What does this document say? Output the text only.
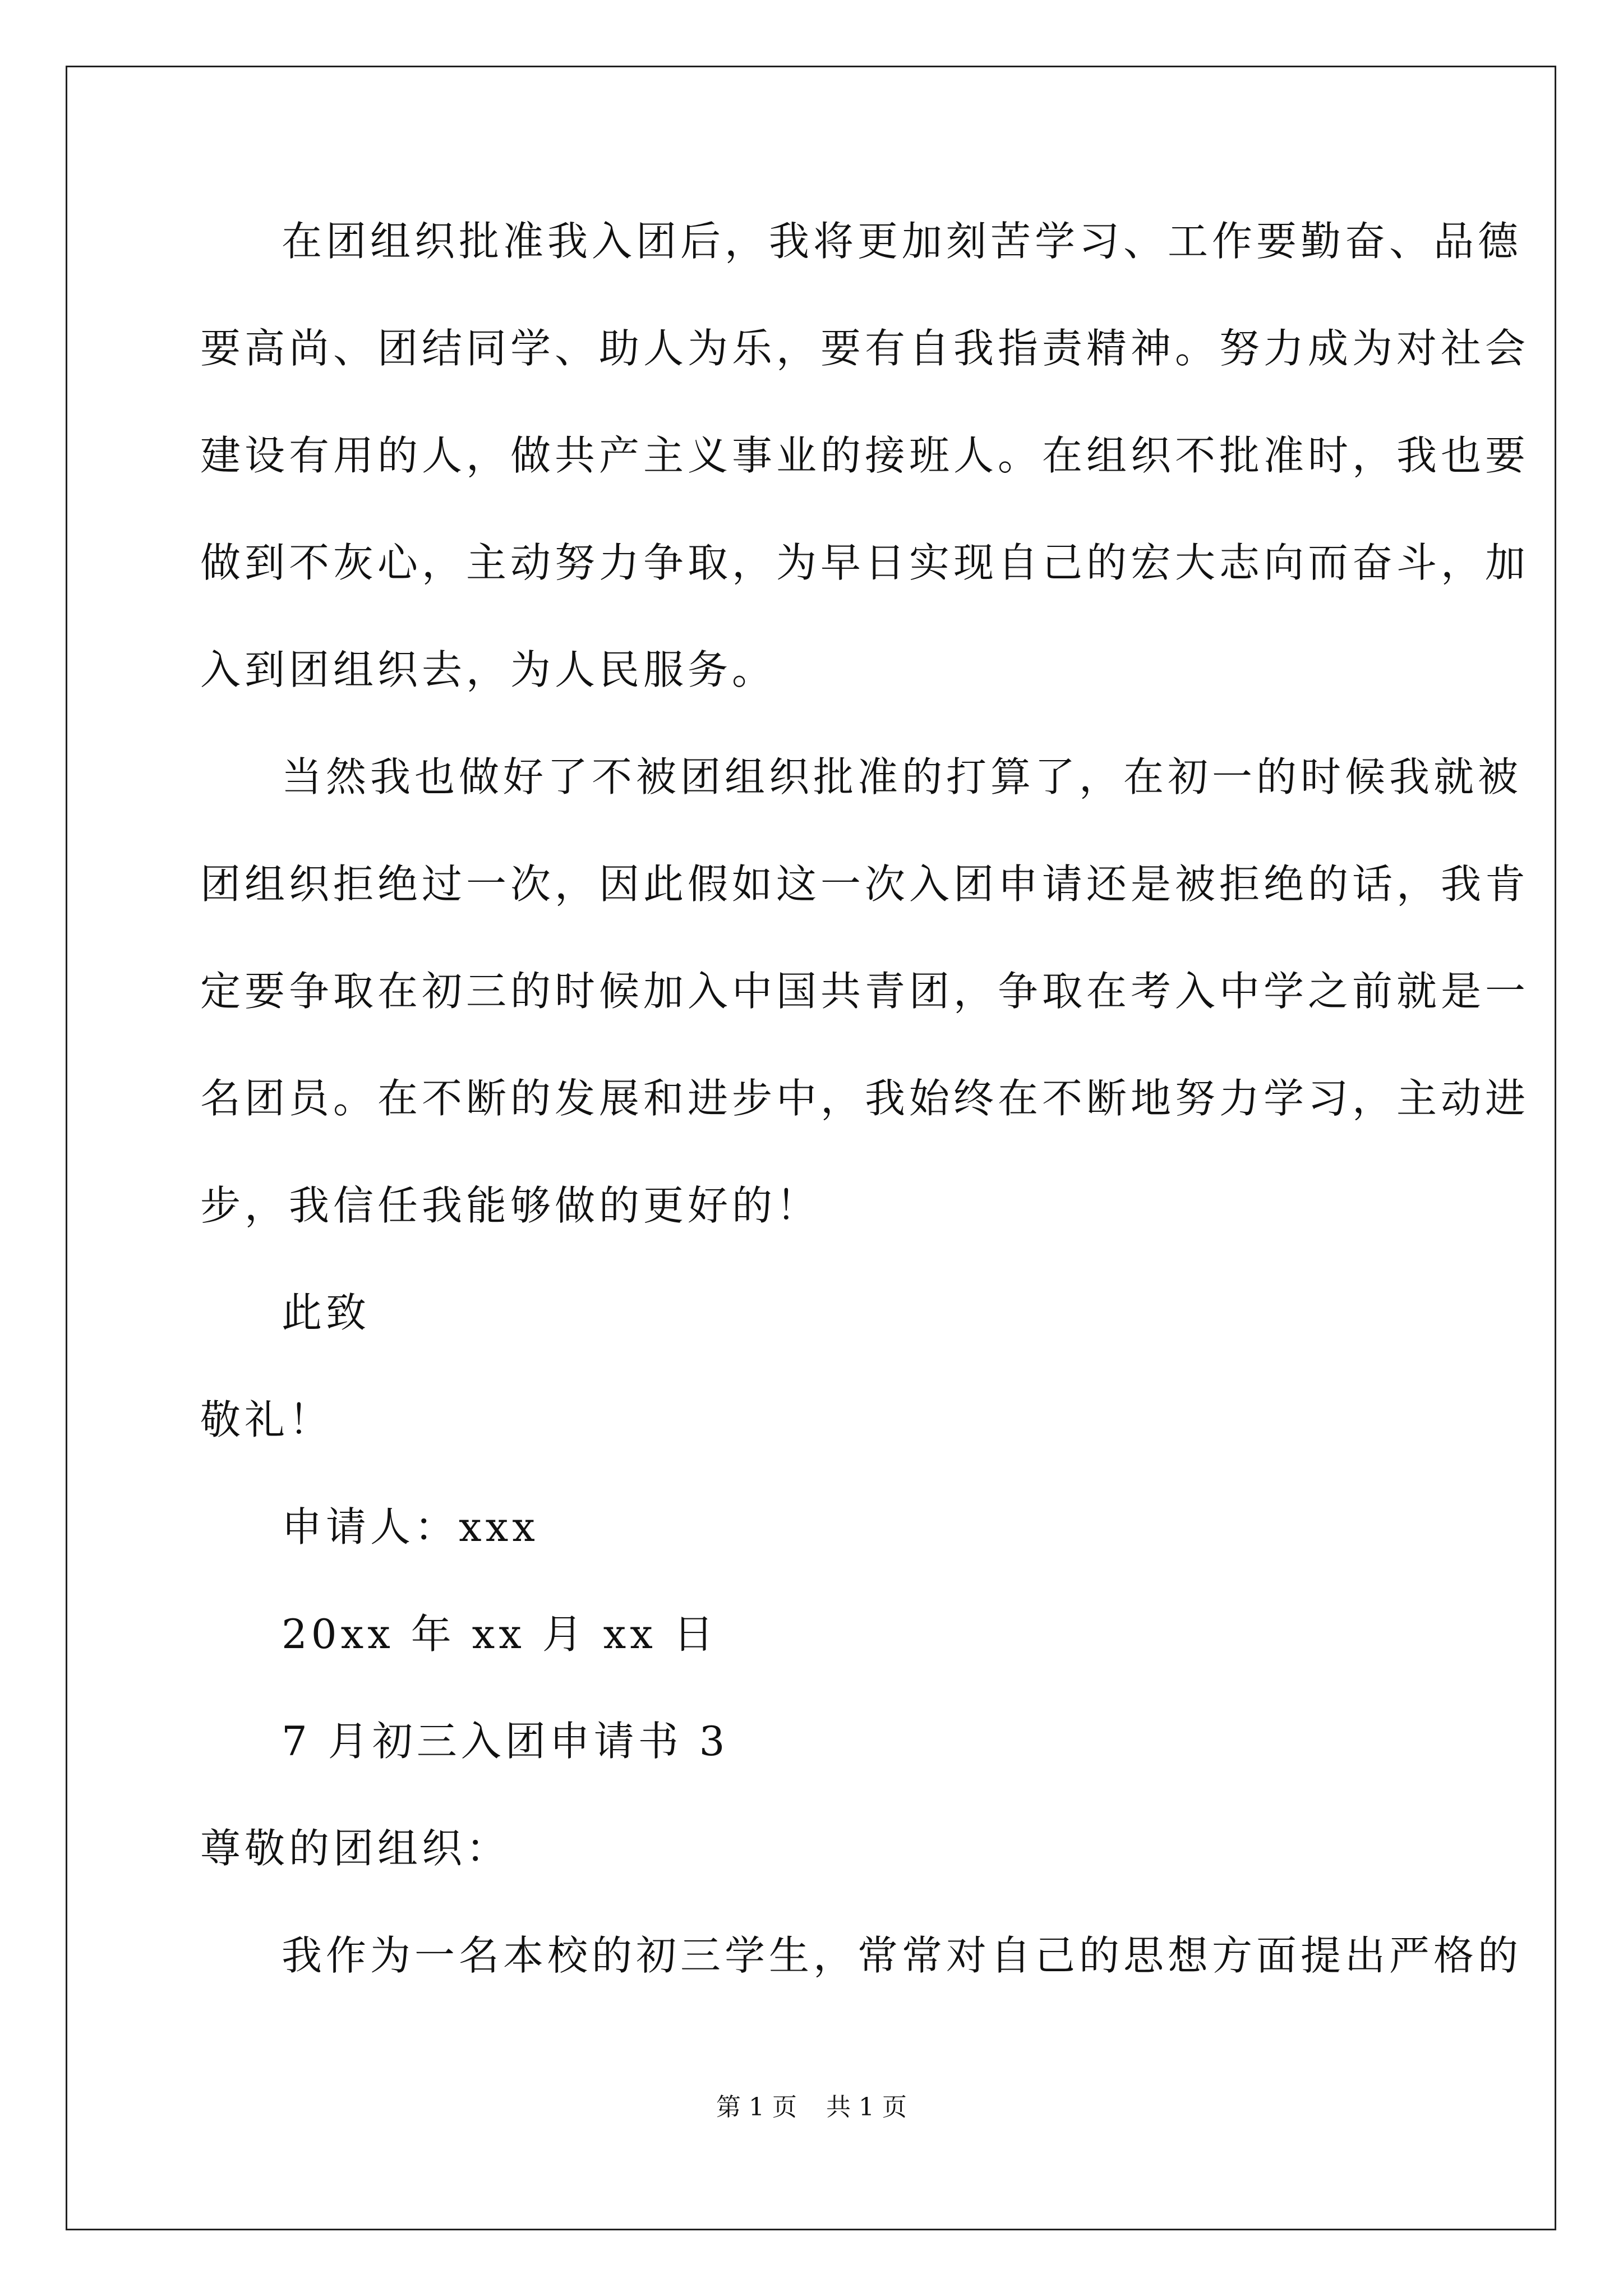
在团组织批准我入团后，我将更加刻苦学习、工作要勤奋、品德
要高尚、团结同学、助人为乐，要有自我指责精神。努力成为对社会
建设有用的人，做共产主义事业的接班人。在组织不批准时，我也要
做到不灰心，主动努力争取，为早日实现自己的宏大志向而奋斗，加
入到团组织去，为人民服务。
当然我也做好了不被团组织批准的打算了，在初一的时候我就被
团组织拒绝过一次，因此假如这一次入团申请还是被拒绝的话，我肯
定要争取在初三的时候加入中国共青团，争取在考入中学之前就是一
名团员。在不断的发展和进步中，我始终在不断地努力学习，主动进
步，我信任我能够做的更好的！
此致
敬礼！
申请人：xxx
20xx 年 xx 月 xx 日
7 月初三入团申请书 3
尊敬的团组织：
我作为一名本校的初三学生，常常对自己的思想方面提出严格的
第 1 页 共 1 页
